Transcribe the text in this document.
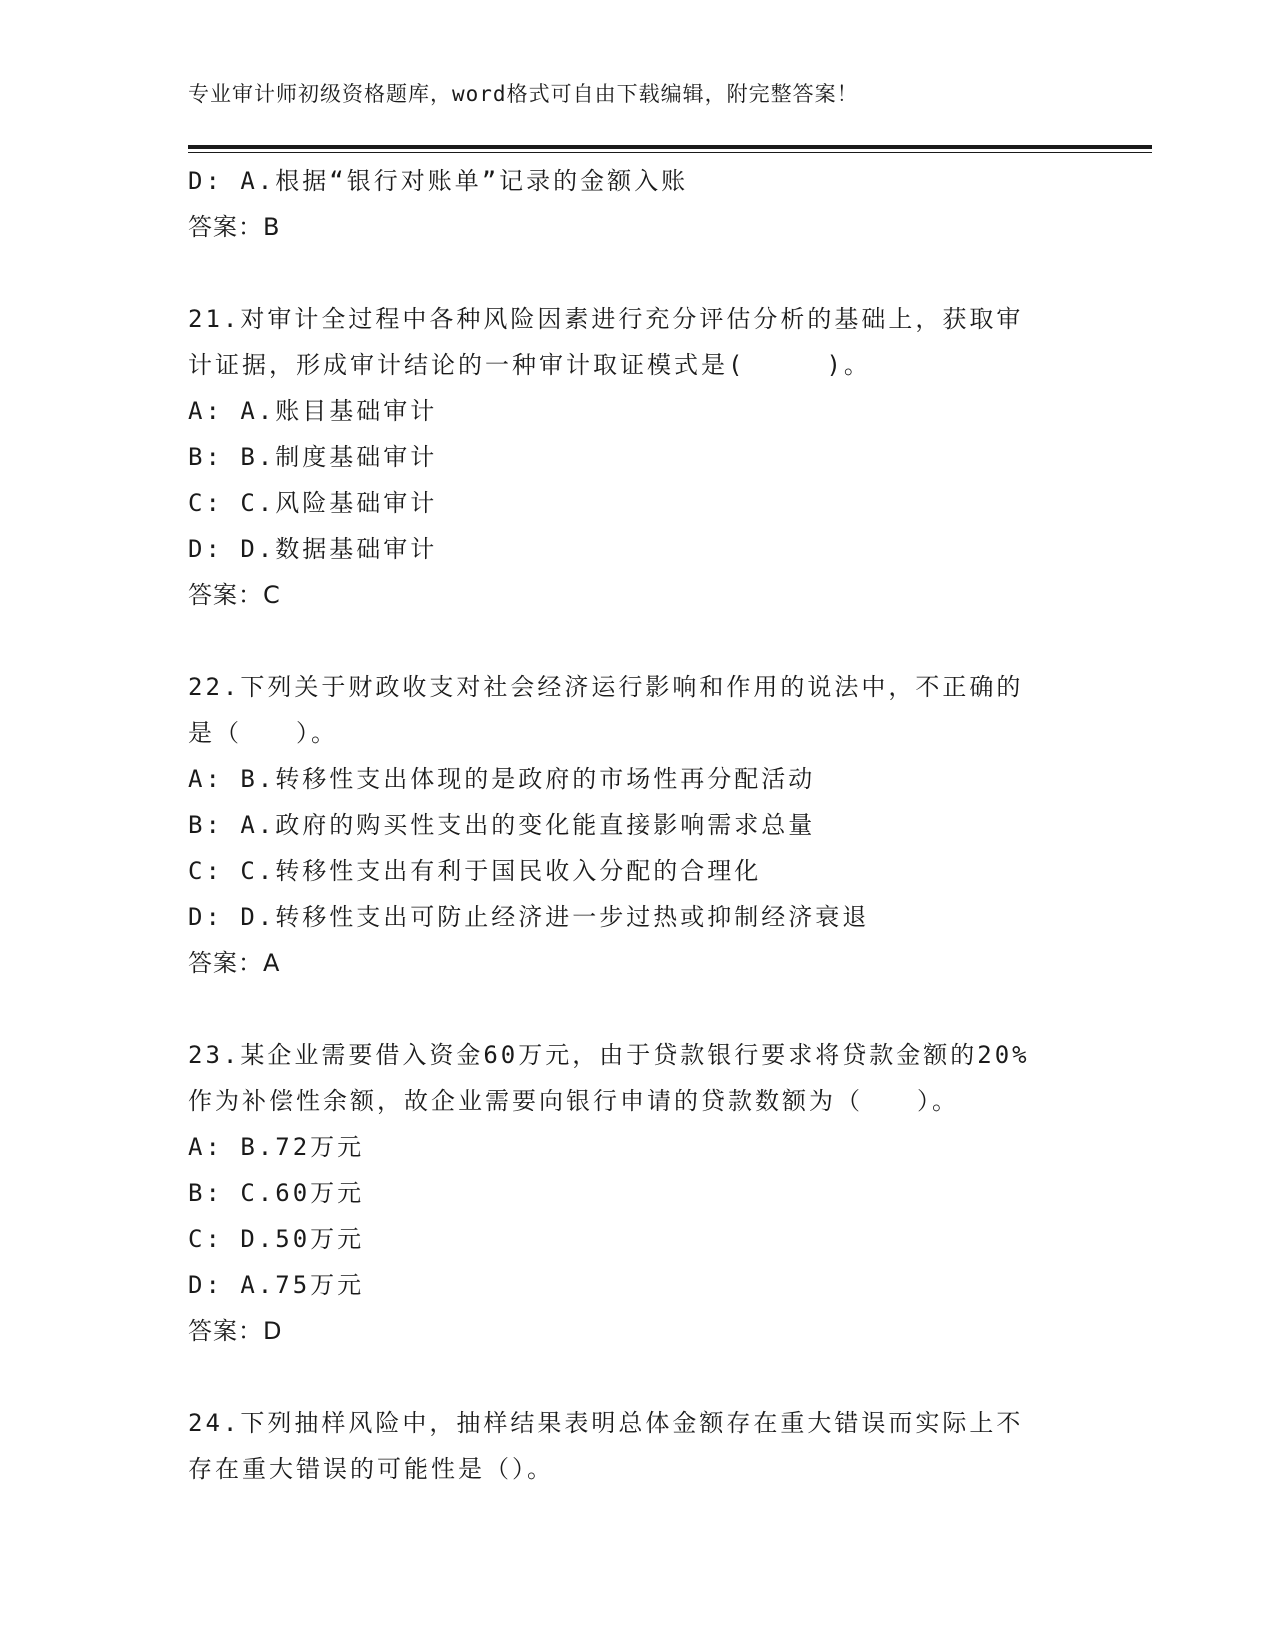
专业审计师初级资格题库，word格式可自由下载编辑，附完整答案！
D: A.根据“银行对账单”记录的金额入账
答案：B
21.对审计全过程中各种风险因素进行充分评估分析的基础上，获取审
计证据，形成审计结论的一种审计取证模式是(　　　)。
A: A.账目基础审计
B: B.制度基础审计
C: C.风险基础审计
D: D.数据基础审计
答案：C
22.下列关于财政收支对社会经济运行影响和作用的说法中，不正确的
是（　　）。
A: B.转移性支出体现的是政府的市场性再分配活动
B: A.政府的购买性支出的变化能直接影响需求总量
C: C.转移性支出有利于国民收入分配的合理化
D: D.转移性支出可防止经济进一步过热或抑制经济衰退
答案：A
23.某企业需要借入资金60万元，由于贷款银行要求将贷款金额的20%
作为补偿性余额，故企业需要向银行申请的贷款数额为（　　）。
A: B.72万元
B: C.60万元
C: D.50万元
D: A.75万元
答案：D
24.下列抽样风险中，抽样结果表明总体金额存在重大错误而实际上不
存在重大错误的可能性是（）。
